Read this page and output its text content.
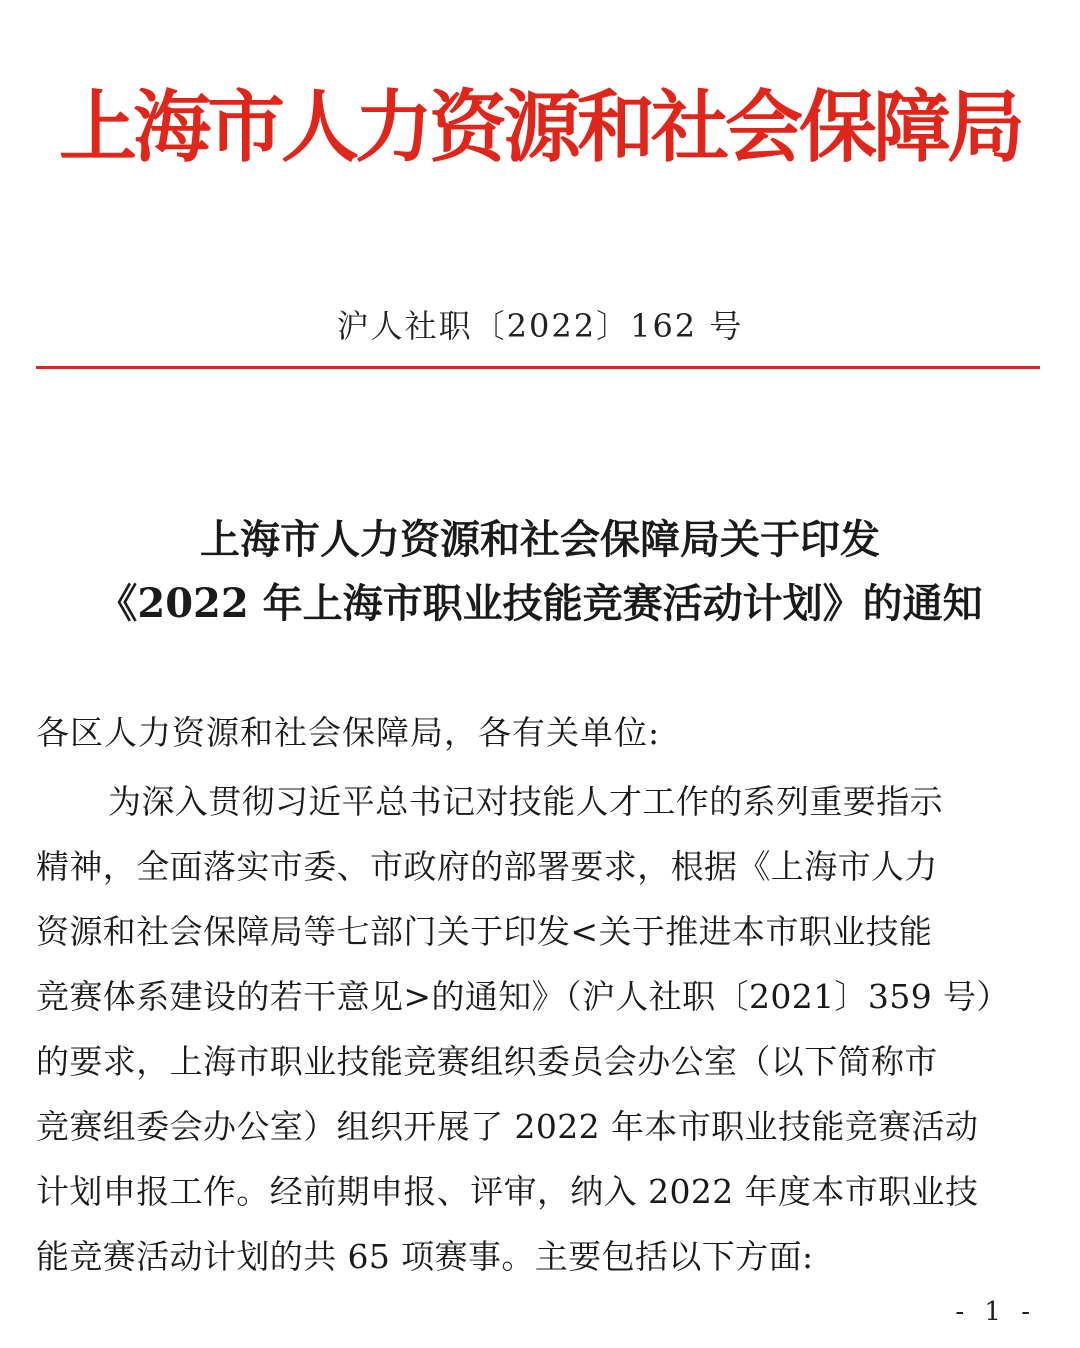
上海市人力资源和社会保障局
沪人社职〔2022〕162 号
上海市人力资源和社会保障局关于印发
《2022 年上海市职业技能竞赛活动计划》的通知
各区人力资源和社会保障局，各有关单位:
为深入贯彻习近平总书记对技能人才工作的系列重要指示
精神，全面落实市委、市政府的部署要求，根据《上海市人力
资源和社会保障局等七部门关于印发<关于推进本市职业技能
竞赛体系建设的若干意见>的通知》（沪人社职〔2021〕359 号）
的要求，上海市职业技能竞赛组织委员会办公室（以下简称市
竞赛组委会办公室）组织开展了 2022 年本市职业技能竞赛活动
计划申报工作。经前期申报、评审，纳入 2022 年度本市职业技
能竞赛活动计划的共 65 项赛事。主要包括以下方面:
- 1 -
